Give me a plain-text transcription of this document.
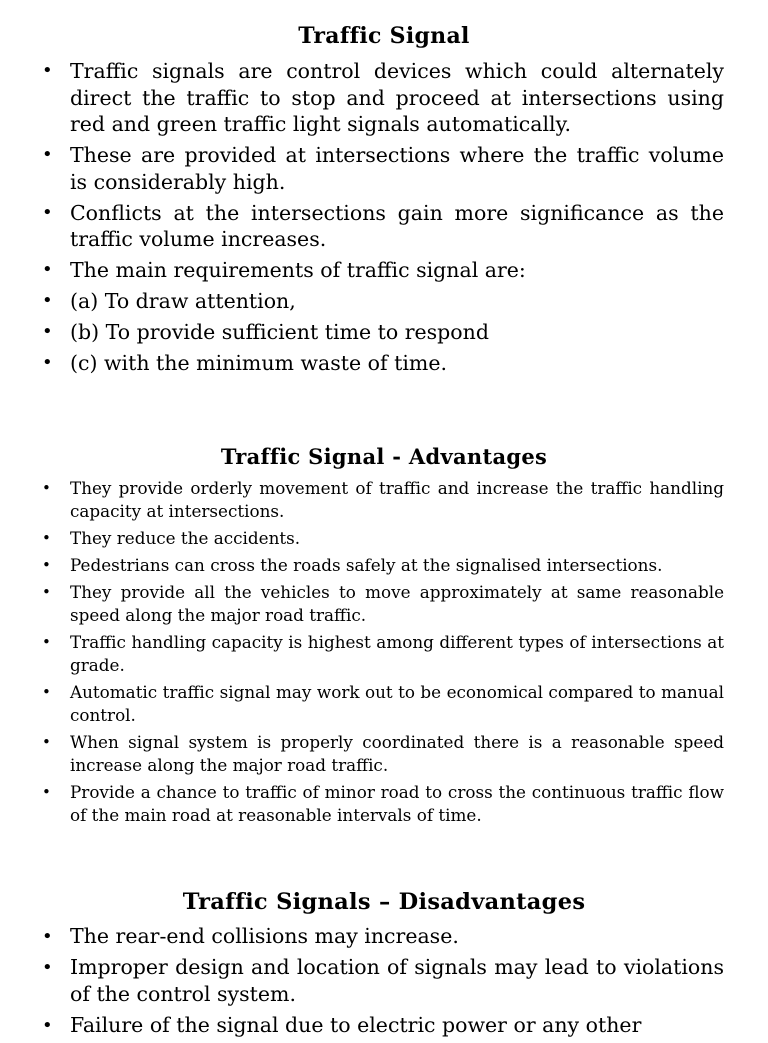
Traffic Signal
• Traffic signals are control devices which could alternately direct the traffic to stop and proceed at intersections using red and green traffic light signals automatically.
• These are provided at intersections where the traffic volume is considerably high.
• Conflicts at the intersections gain more significance as the traffic volume increases.
• The main requirements of traffic signal are:
• (a) To draw attention,
• (b) To provide sufficient time to respond
• (c) with the minimum waste of time.
Traffic Signal - Advantages
• They provide orderly movement of traffic and increase the traffic handling capacity at intersections.
• They reduce the accidents.
• Pedestrians can cross the roads safely at the signalised intersections.
• They provide all the vehicles to move approximately at same reasonable speed along the major road traffic.
• Traffic handling capacity is highest among different types of intersections at grade.
• Automatic traffic signal may work out to be economical compared to manual control.
• When signal system is properly coordinated there is a reasonable speed increase along the major road traffic.
• Provide a chance to traffic of minor road to cross the continuous traffic flow of the main road at reasonable intervals of time.
Traffic Signals – Disadvantages
• The rear-end collisions may increase.
• Improper design and location of signals may lead to violations of the control system.
• Failure of the signal due to electric power or any other
